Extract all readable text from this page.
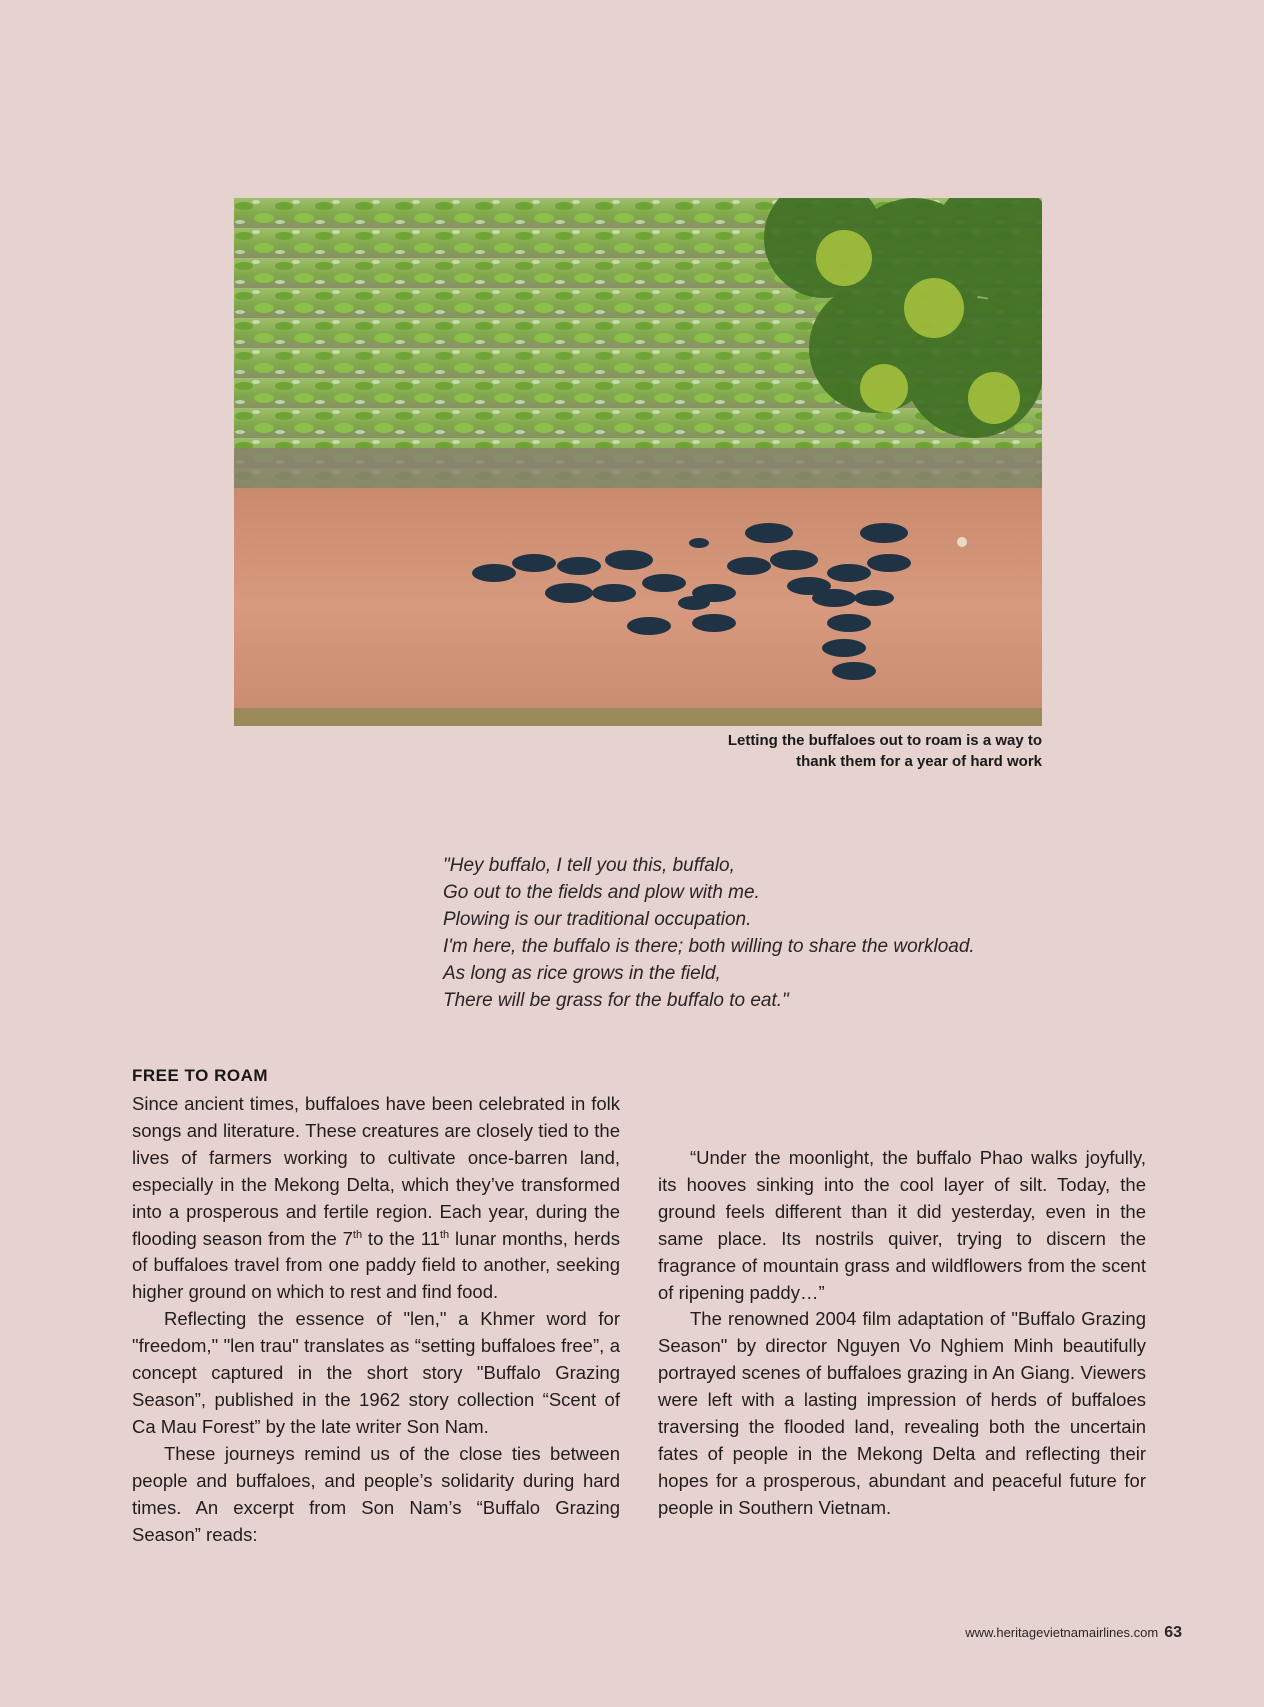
Letting the buffaloes out to roam is a way to
thank them for a year of hard work
"Hey buffalo, I tell you this, buffalo,
Go out to the fields and plow with me.
Plowing is our traditional occupation.
I'm here, the buffalo is there; both willing to share the workload.
As long as rice grows in the field,
There will be grass for the buffalo to eat."
FREE TO ROAM

Since ancient times, buffaloes have been celebrated in folk songs and literature. These creatures are closely tied to the lives of farmers working to cultivate once-barren land, especially in the Mekong Delta, which they’ve transformed into a prosperous and fertile region. Each year, during the flooding season from the 7th to the 11th lunar months, herds of buffaloes travel from one paddy field to another, seeking higher ground on which to rest and find food.

Reflecting the essence of "len," a Khmer word for "freedom," "len trau" translates as “setting buffaloes free”, a concept captured in the short story "Buffalo Grazing Season”, published in the 1962 story collection “Scent of Ca Mau Forest” by the late writer Son Nam.

These journeys remind us of the close ties between people and buffaloes, and people’s solidarity during hard times. An excerpt from Son Nam’s “Buffalo Grazing Season” reads:

“Under the moonlight, the buffalo Phao walks joyfully, its hooves sinking into the cool layer of silt. Today, the ground feels different than it did yesterday, even in the same place. Its nostrils quiver, trying to discern the fragrance of mountain grass and wildflowers from the scent of ripening paddy…”

The renowned 2004 film adaptation of "Buffalo Grazing Season" by director Nguyen Vo Nghiem Minh beautifully portrayed scenes of buffaloes grazing in An Giang. Viewers were left with a lasting impression of herds of buffaloes traversing the flooded land, revealing both the uncertain fates of people in the Mekong Delta and reflecting their hopes for a prosperous, abundant and peaceful future for people in Southern Vietnam.

www.heritagevietnamairlines.com 63
